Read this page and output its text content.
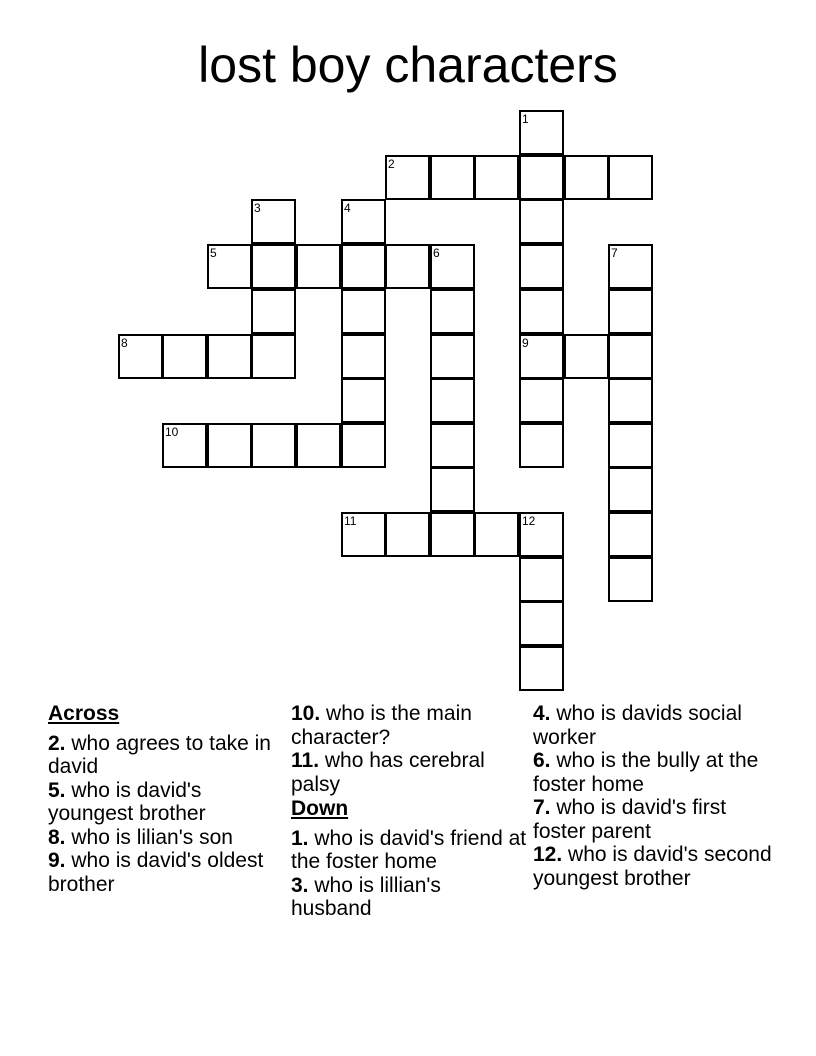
lost boy characters
1
2
3	4
5	6	7
8	9
10
11	12
Across
2. who agrees to take in david
5. who is david's youngest brother
8. who is lilian's son
9. who is david's oldest brother
10. who is the main character?
11. who has cerebral palsy
Down
1. who is david's friend at the foster home
3. who is lillian's husband
4. who is davids social worker
6. who is the bully at the foster home
7. who is david's first foster parent
12. who is david's second youngest brother
